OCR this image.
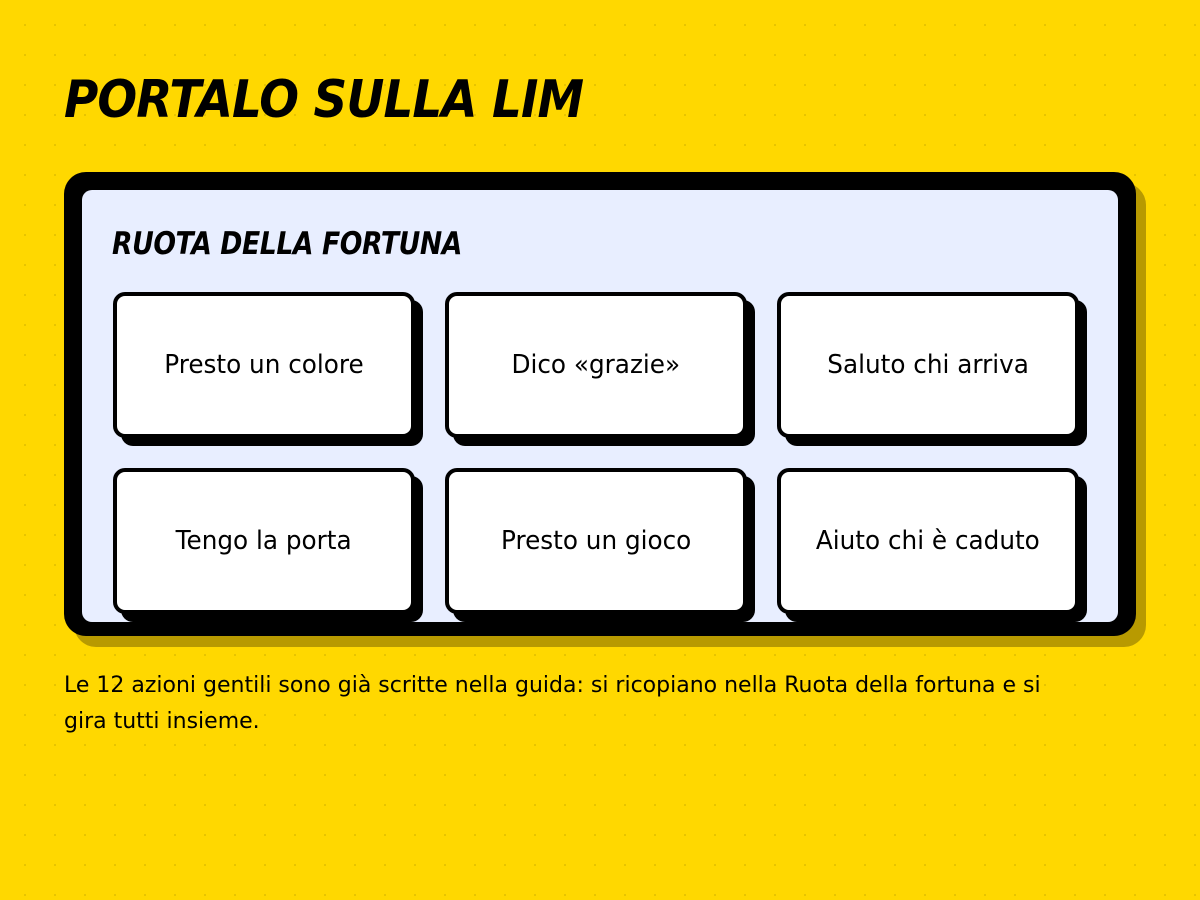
PORTALO SULLA LIM
RUOTA DELLA FORTUNA
Presto un colore	Dico «grazie»	Saluto chi arriva
Tengo la porta	Presto un gioco	Aiuto chi è caduto

Le 12 azioni gentili sono già scritte nella guida: si ricopiano nella Ruota della fortuna e si gira tutti insieme.
